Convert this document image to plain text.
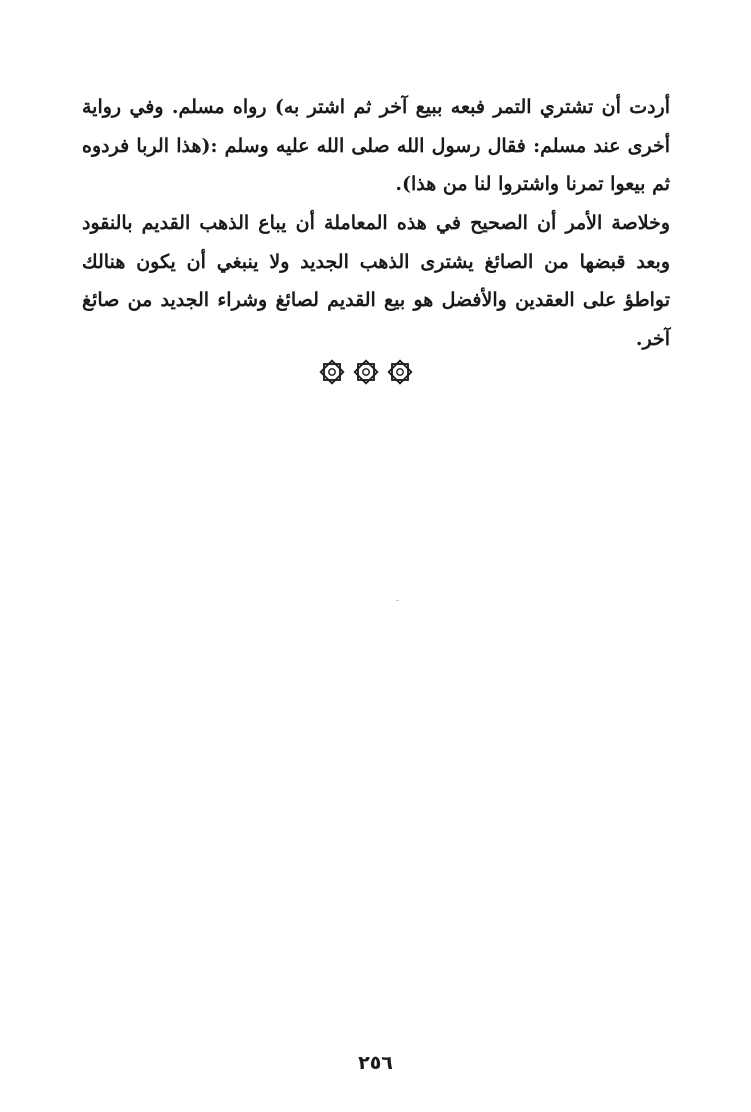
أردت أن تشتري التمر فبعه ببيع آخر ثم اشتر به) رواه مسلم. وفي رواية أخرى عند مسلم: فقال رسول الله صلى الله عليه وسلم :(هذا الربا فردوه ثم بيعوا تمرنا واشتروا لنا من هذا).

وخلاصة الأمر أن الصحيح في هذه المعاملة أن يباع الذهب القديم بالنقود وبعد قبضها من الصائغ يشترى الذهب الجديد ولا ينبغي أن يكون هنالك تواطؤ على العقدين والأفضل هو بيع القديم لصائغ وشراء الجديد من صائغ آخر.

٢٥٦
